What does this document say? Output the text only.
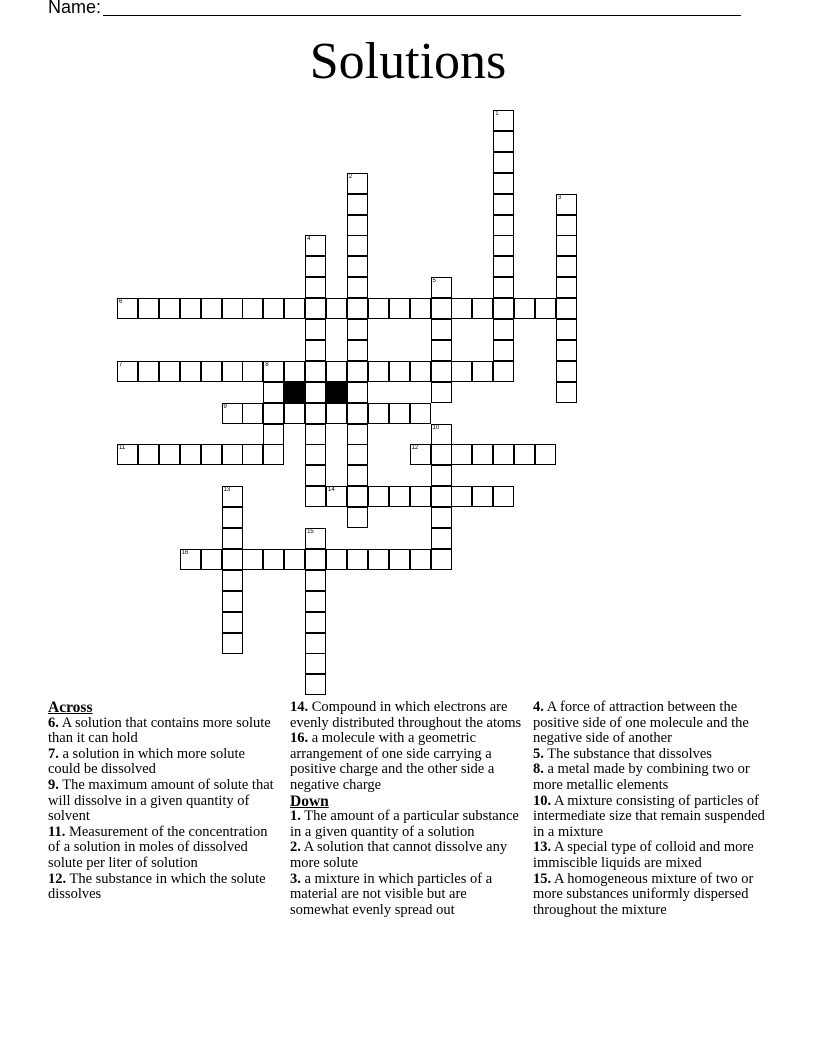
Name:
Solutions
1
2
3
4
5
6
7	8
9
10
11	12
13	14
15
16
Across

6. A solution that contains more solute than it can hold

7. a solution in which more solute could be dissolved

9. The maximum amount of solute that will dissolve in a given quantity of solvent

11. Measurement of the concentration of a solution in moles of dissolved solute per liter of solution

12. The substance in which the solute dissolves

14. Compound in which electrons are evenly distributed throughout the atoms

16. a molecule with a geometric arrangement of one side carrying a positive charge and the other side a negative charge

Down

1. The amount of a particular substance in a given quantity of a solution

2. A solution that cannot dissolve any more solute

3. a mixture in which particles of a material are not visible but are somewhat evenly spread out

4. A force of attraction between the positive side of one molecule and the negative side of another

5. The substance that dissolves

8. a metal made by combining two or more metallic elements

10. A mixture consisting of particles of intermediate size that remain suspended in a mixture

13. A special type of colloid and more immiscible liquids are mixed

15. A homogeneous mixture of two or more substances uniformly dispersed throughout the mixture
